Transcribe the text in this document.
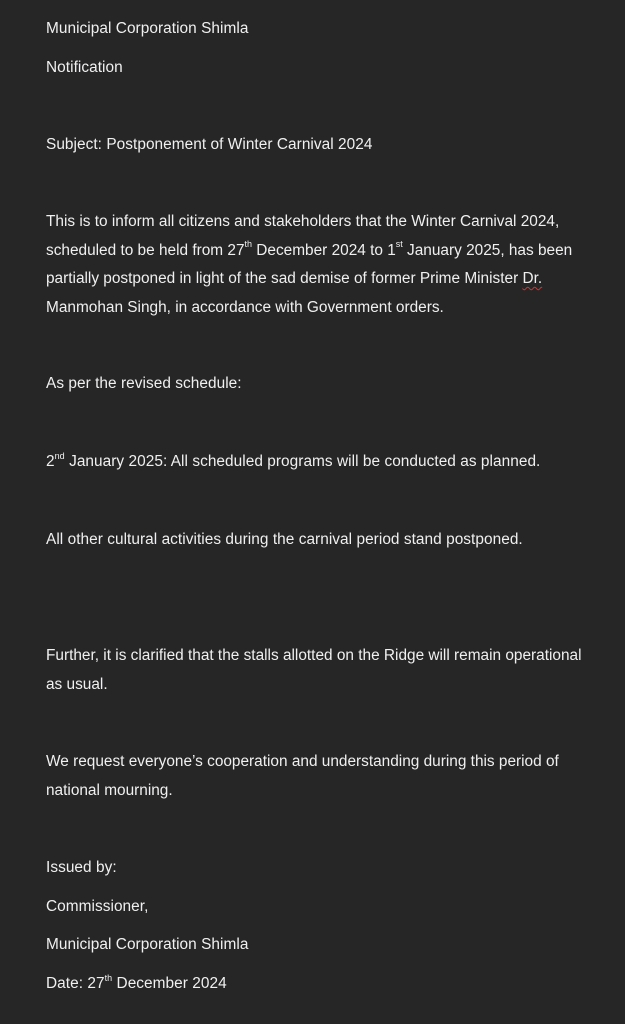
Municipal Corporation Shimla
Notification
Subject: Postponement of Winter Carnival 2024
This is to inform all citizens and stakeholders that the Winter Carnival 2024, scheduled to be held from 27th December 2024 to 1st January 2025, has been partially postponed in light of the sad demise of former Prime Minister Dr. Manmohan Singh, in accordance with Government orders.
As per the revised schedule:
2nd January 2025: All scheduled programs will be conducted as planned.
All other cultural activities during the carnival period stand postponed.
Further, it is clarified that the stalls allotted on the Ridge will remain operational as usual.
We request everyone’s cooperation and understanding during this period of national mourning.
Issued by:
Commissioner,
Municipal Corporation Shimla
Date: 27th December 2024
